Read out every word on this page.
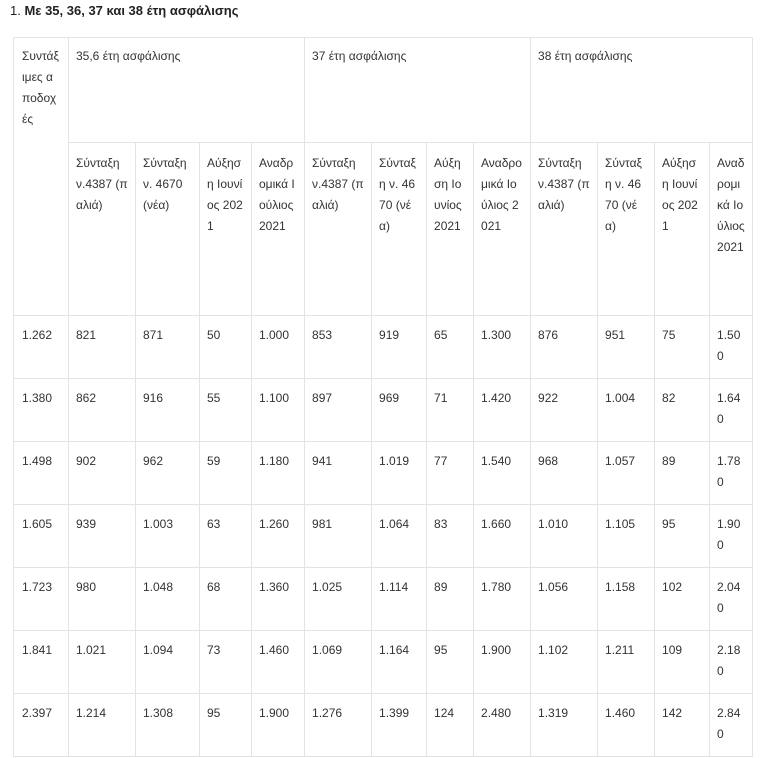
1. Με 35, 36, 37 και 38 έτη ασφάλισης
Συντάξιμες αποδοχές	35,6 έτη ασφάλισης				37 έτη ασφάλισης				38 έτη ασφάλισης			
	Σύνταξη ν.4387 (παλιά)	Σύνταξη ν. 4670 (νέα)	Αύξηση Ιουνίος 2021	Αναδρομικά Ιούλιος 2021	Σύνταξη ν.4387 (παλιά)	Σύνταξη ν. 4670 (νέα)	Αύξηση Ιουνίος 2021	Αναδρομικά Ιούλιος 2021	Σύνταξη ν.4387 (παλιά)	Σύνταξη ν. 4670 (νέα)	Αύξηση Ιουνίος 2021	Αναδρομικά Ιούλιος 2021
1.262	821	871	50	1.000	853	919	65	1.300	876	951	75	1.500
1.380	862	916	55	1.100	897	969	71	1.420	922	1.004	82	1.640
1.498	902	962	59	1.180	941	1.019	77	1.540	968	1.057	89	1.780
1.605	939	1.003	63	1.260	981	1.064	83	1.660	1.010	1.105	95	1.900
1.723	980	1.048	68	1.360	1.025	1.114	89	1.780	1.056	1.158	102	2.040
1.841	1.021	1.094	73	1.460	1.069	1.164	95	1.900	1.102	1.211	109	2.180
2.397	1.214	1.308	95	1.900	1.276	1.399	124	2.480	1.319	1.460	142	2.840
